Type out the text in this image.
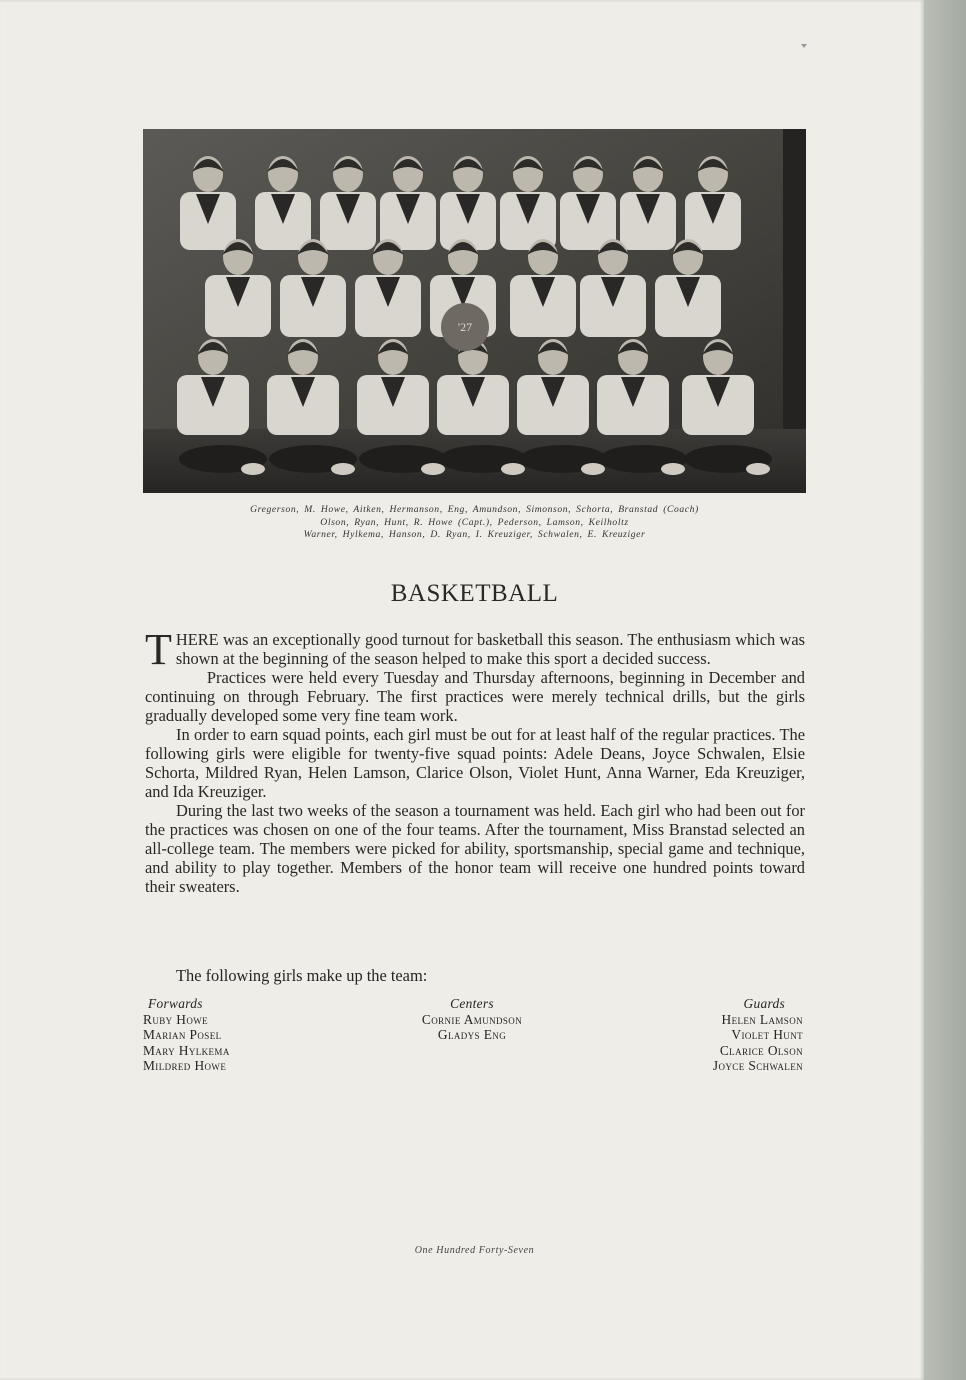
'27
Gregerson, M. Howe, Aitken, Hermanson, Eng, Amundson, Simonson, Schorta, Branstad (Coach)
Olson, Ryan, Hunt, R. Howe (Capt.), Pederson, Lamson, Keilholtz
Warner, Hylkema, Hanson, D. Ryan, I. Kreuziger, Schwalen, E. Kreuziger
BASKETBALL

THERE was an exceptionally good turnout for basketball this season. The enthusiasm which was shown at the beginning of the season helped to make this sport a decided success.

Practices were held every Tuesday and Thursday afternoons, beginning in December and continuing on through February. The first practices were merely technical drills, but the girls gradually developed some very fine team work.

In order to earn squad points, each girl must be out for at least half of the regular practices. The following girls were eligible for twenty-five squad points: Adele Deans, Joyce Schwalen, Elsie Schorta, Mildred Ryan, Helen Lamson, Clarice Olson, Violet Hunt, Anna Warner, Eda Kreuziger, and Ida Kreuziger.

During the last two weeks of the season a tournament was held. Each girl who had been out for the practices was chosen on one of the four teams. After the tournament, Miss Branstad selected an all-college team. The members were picked for ability, sportsmanship, special game and technique, and ability to play together. Members of the honor team will receive one hundred points toward their sweaters.

The following girls make up the team:
Forwards
Ruby Howe
Marian Posel
Mary Hylkema
Mildred Howe
Centers
Cornie Amundson
Gladys Eng
Guards
Helen Lamson
Violet Hunt
Clarice Olson
Joyce Schwalen
One Hundred Forty-Seven
